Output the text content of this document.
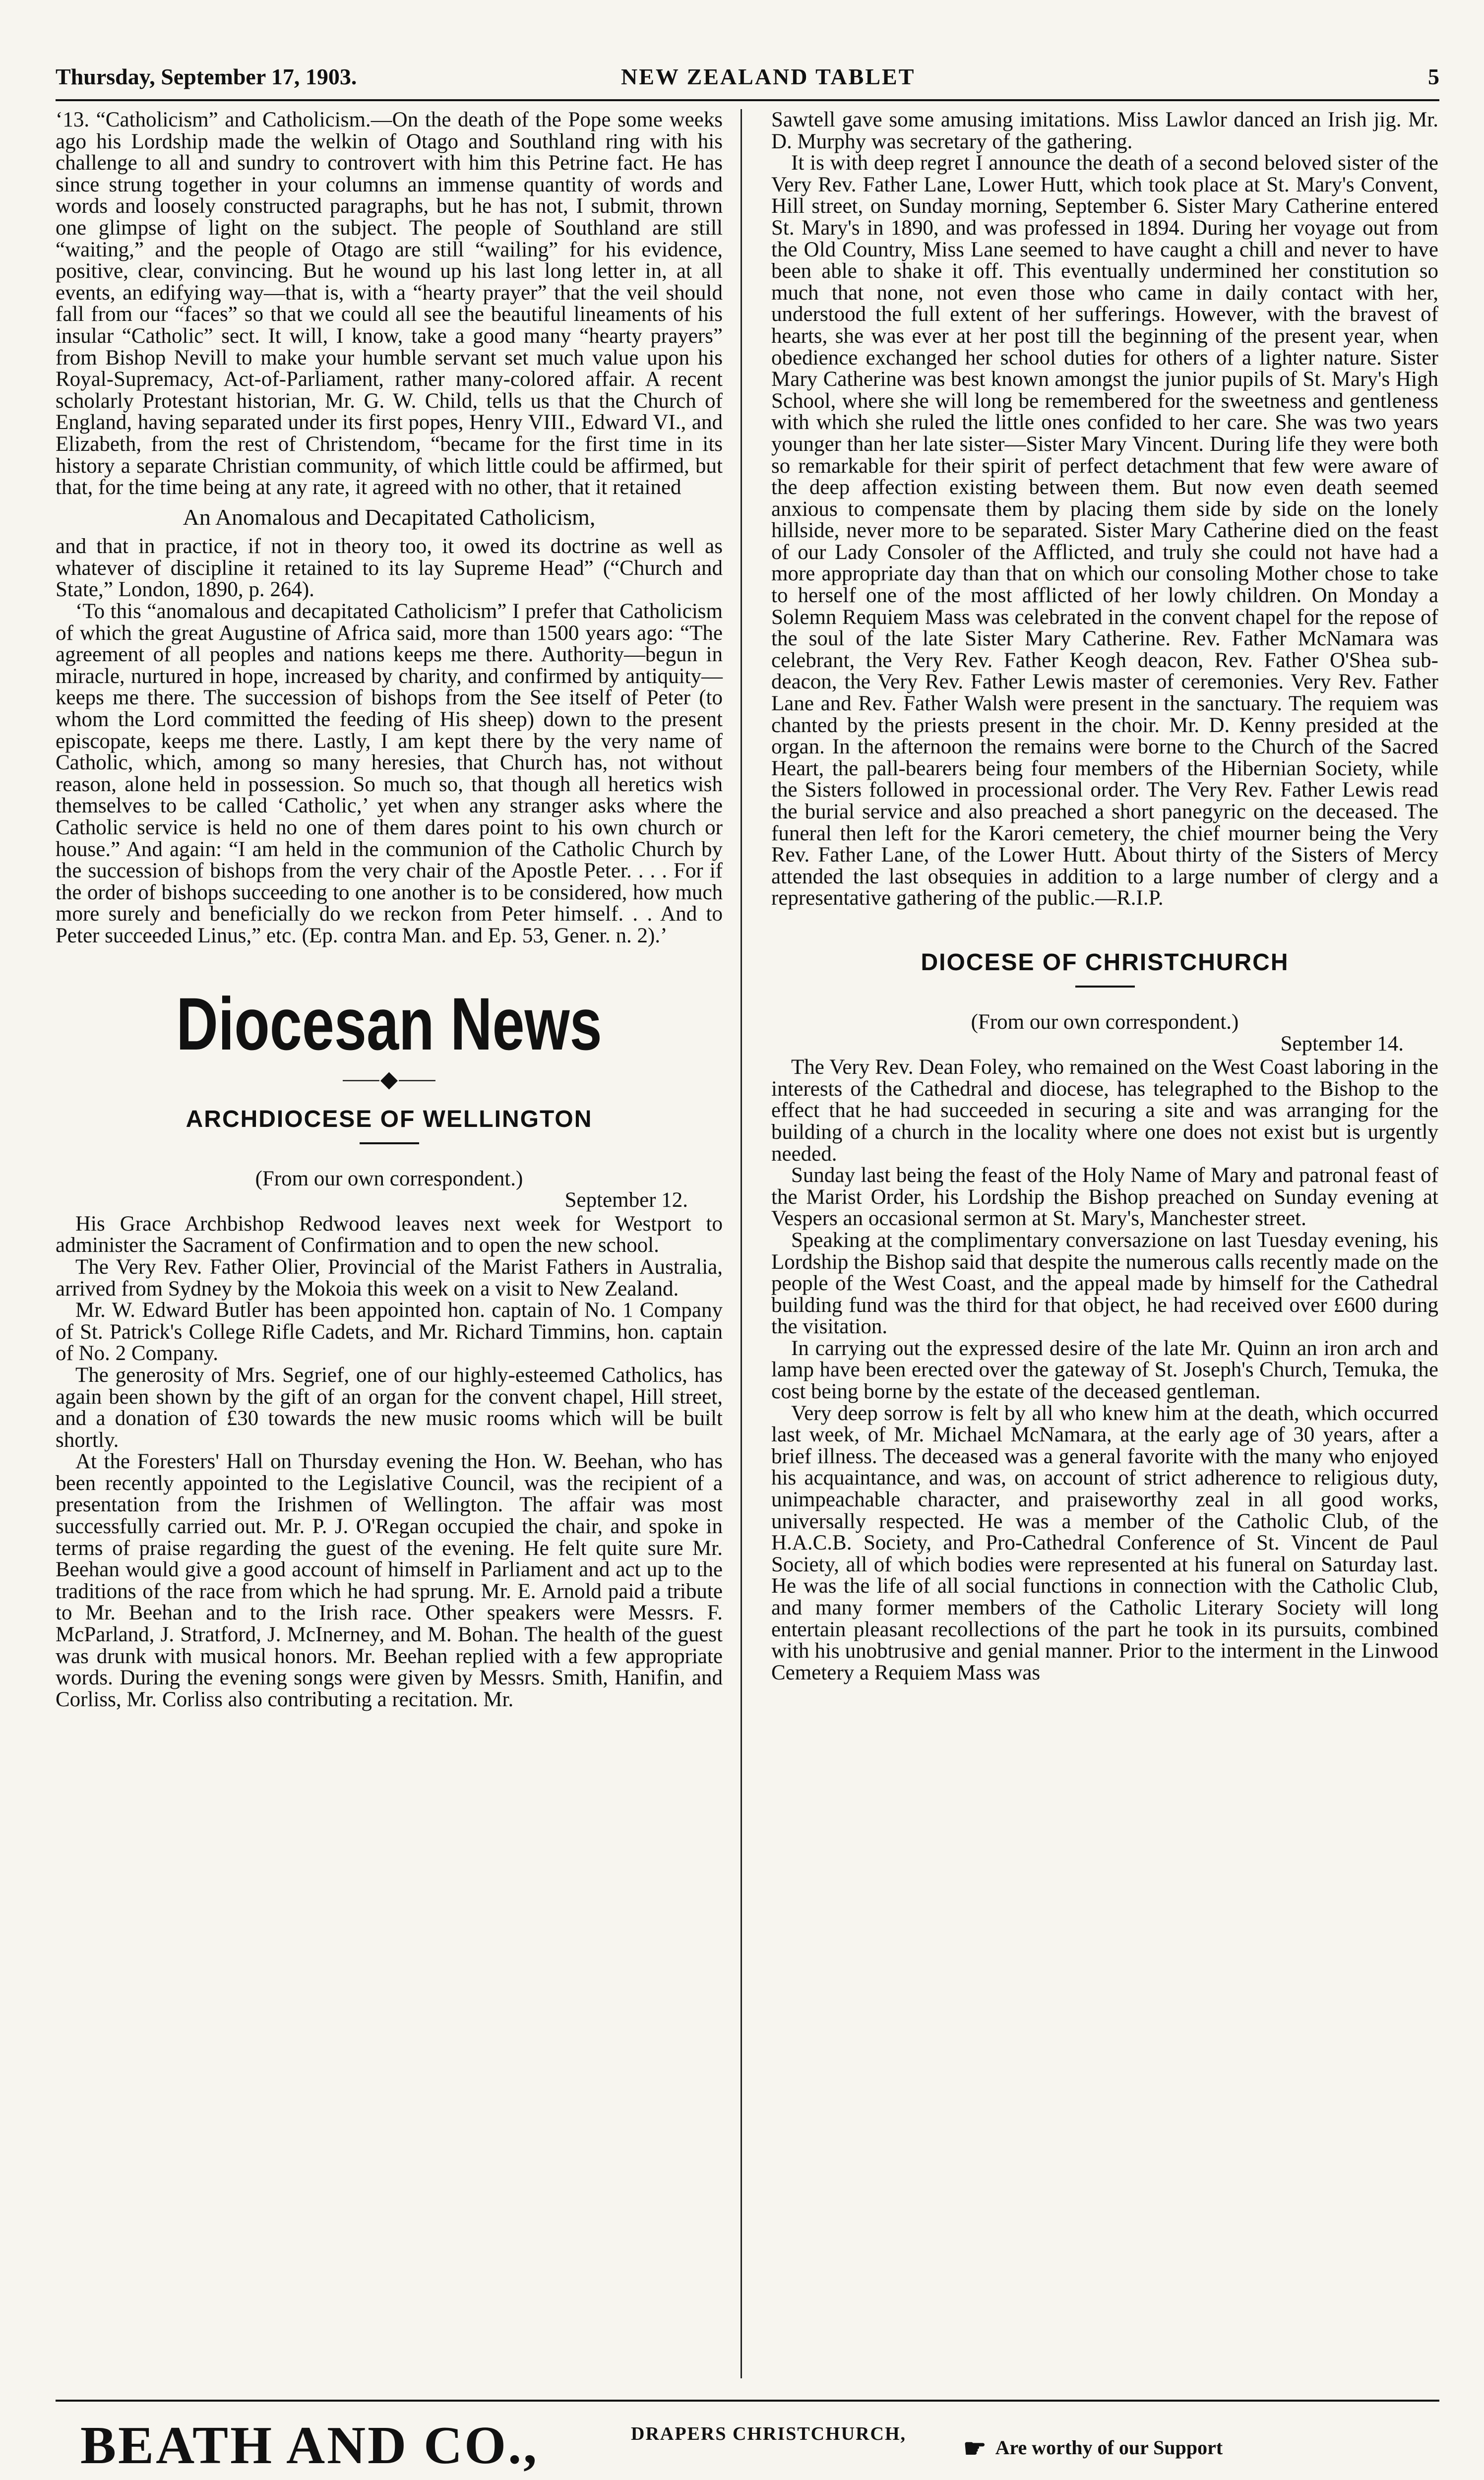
Thursday, September 17, 1903.	NEW ZEALAND TABLET	5

‘13. “Catholicism” and Catholicism.—On the death of the Pope some weeks ago his Lordship made the welkin of Otago and Southland ring with his challenge to all and sundry to controvert with him this Petrine fact. He has since strung together in your columns an immense quantity of words and words and loosely constructed paragraphs, but he has not, I submit, thrown one glimpse of light on the subject. The people of Southland are still “waiting,” and the people of Otago are still “wailing” for his evidence, positive, clear, convincing. But he wound up his last long letter in, at all events, an edifying way—that is, with a “hearty prayer” that the veil should fall from our “faces” so that we could all see the beautiful lineaments of his insular “Catholic” sect. It will, I know, take a good many “hearty prayers” from Bishop Nevill to make your humble servant set much value upon his Royal-Supremacy, Act-of-Parliament, rather many-colored affair. A recent scholarly Protestant historian, Mr. G. W. Child, tells us that the Church of England, having separated under its first popes, Henry VIII., Edward VI., and Elizabeth, from the rest of Christendom, “became for the first time in its history a separate Christian community, of which little could be affirmed, but that, for the time being at any rate, it agreed with no other, that it retained

An Anomalous and Decapitated Catholicism,

and that in practice, if not in theory too, it owed its doctrine as well as whatever of discipline it retained to its lay Supreme Head” (“Church and State,” London, 1890, p. 264).

‘To this “anomalous and decapitated Catholicism” I prefer that Catholicism of which the great Augustine of Africa said, more than 1500 years ago: “The agreement of all peoples and nations keeps me there. Authority—begun in miracle, nurtured in hope, increased by charity, and confirmed by antiquity—keeps me there. The succession of bishops from the See itself of Peter (to whom the Lord committed the feeding of His sheep) down to the present episcopate, keeps me there. Lastly, I am kept there by the very name of Catholic, which, among so many heresies, that Church has, not without reason, alone held in possession. So much so, that though all heretics wish themselves to be called ‘Catholic,’ yet when any stranger asks where the Catholic service is held no one of them dares point to his own church or house.” And again: “I am held in the communion of the Catholic Church by the succession of bishops from the very chair of the Apostle Peter. . . . For if the order of bishops succeeding to one another is to be considered, how much more surely and beneficially do we reckon from Peter himself. . . And to Peter succeeded Linus,” etc. (Ep. contra Man. and Ep. 53, Gener. n. 2).’

Diocesan News
⸺◆⸺
ARCHDIOCESE OF WELLINGTON

(From our own correspondent.)

September 12.

His Grace Archbishop Redwood leaves next week for Westport to administer the Sacrament of Confirmation and to open the new school.

The Very Rev. Father Olier, Provincial of the Marist Fathers in Australia, arrived from Sydney by the Mokoia this week on a visit to New Zealand.

Mr. W. Edward Butler has been appointed hon. captain of No. 1 Company of St. Patrick's College Rifle Cadets, and Mr. Richard Timmins, hon. captain of No. 2 Company.

The generosity of Mrs. Segrief, one of our highly-esteemed Catholics, has again been shown by the gift of an organ for the convent chapel, Hill street, and a donation of £30 towards the new music rooms which will be built shortly.

At the Foresters' Hall on Thursday evening the Hon. W. Beehan, who has been recently appointed to the Legislative Council, was the recipient of a presentation from the Irishmen of Wellington. The affair was most successfully carried out. Mr. P. J. O'Regan occupied the chair, and spoke in terms of praise regarding the guest of the evening. He felt quite sure Mr. Beehan would give a good account of himself in Parliament and act up to the traditions of the race from which he had sprung. Mr. E. Arnold paid a tribute to Mr. Beehan and to the Irish race. Other speakers were Messrs. F. McParland, J. Stratford, J. McInerney, and M. Bohan. The health of the guest was drunk with musical honors. Mr. Beehan replied with a few appropriate words. During the evening songs were given by Messrs. Smith, Hanifin, and Corliss, Mr. Corliss also contributing a recitation. Mr.

Sawtell gave some amusing imitations. Miss Lawlor danced an Irish jig. Mr. D. Murphy was secretary of the gathering.

It is with deep regret I announce the death of a second beloved sister of the Very Rev. Father Lane, Lower Hutt, which took place at St. Mary's Convent, Hill street, on Sunday morning, September 6. Sister Mary Catherine entered St. Mary's in 1890, and was professed in 1894. During her voyage out from the Old Country, Miss Lane seemed to have caught a chill and never to have been able to shake it off. This eventually undermined her constitution so much that none, not even those who came in daily contact with her, understood the full extent of her sufferings. However, with the bravest of hearts, she was ever at her post till the beginning of the present year, when obedience exchanged her school duties for others of a lighter nature. Sister Mary Catherine was best known amongst the junior pupils of St. Mary's High School, where she will long be remembered for the sweetness and gentleness with which she ruled the little ones confided to her care. She was two years younger than her late sister—Sister Mary Vincent. During life they were both so remarkable for their spirit of perfect detachment that few were aware of the deep affection existing between them. But now even death seemed anxious to compensate them by placing them side by side on the lonely hillside, never more to be separated. Sister Mary Catherine died on the feast of our Lady Consoler of the Afflicted, and truly she could not have had a more appropriate day than that on which our consoling Mother chose to take to herself one of the most afflicted of her lowly children. On Monday a Solemn Requiem Mass was celebrated in the convent chapel for the repose of the soul of the late Sister Mary Catherine. Rev. Father McNamara was celebrant, the Very Rev. Father Keogh deacon, Rev. Father O'Shea sub-deacon, the Very Rev. Father Lewis master of ceremonies. Very Rev. Father Lane and Rev. Father Walsh were present in the sanctuary. The requiem was chanted by the priests present in the choir. Mr. D. Kenny presided at the organ. In the afternoon the remains were borne to the Church of the Sacred Heart, the pall-bearers being four members of the Hibernian Society, while the Sisters followed in processional order. The Very Rev. Father Lewis read the burial service and also preached a short panegyric on the deceased. The funeral then left for the Karori cemetery, the chief mourner being the Very Rev. Father Lane, of the Lower Hutt. About thirty of the Sisters of Mercy attended the last obsequies in addition to a large number of clergy and a representative gathering of the public.—R.I.P.

DIOCESE OF CHRISTCHURCH

(From our own correspondent.)

September 14.

The Very Rev. Dean Foley, who remained on the West Coast laboring in the interests of the Cathedral and diocese, has telegraphed to the Bishop to the effect that he had succeeded in securing a site and was arranging for the building of a church in the locality where one does not exist but is urgently needed.

Sunday last being the feast of the Holy Name of Mary and patronal feast of the Marist Order, his Lordship the Bishop preached on Sunday evening at Vespers an occasional sermon at St. Mary's, Manchester street.

Speaking at the complimentary conversazione on last Tuesday evening, his Lordship the Bishop said that despite the numerous calls recently made on the people of the West Coast, and the appeal made by himself for the Cathedral building fund was the third for that object, he had received over £600 during the visitation.

In carrying out the expressed desire of the late Mr. Quinn an iron arch and lamp have been erected over the gateway of St. Joseph's Church, Temuka, the cost being borne by the estate of the deceased gentleman.

Very deep sorrow is felt by all who knew him at the death, which occurred last week, of Mr. Michael McNamara, at the early age of 30 years, after a brief illness. The deceased was a general favorite with the many who enjoyed his acquaintance, and was, on account of strict adherence to religious duty, unimpeachable character, and praiseworthy zeal in all good works, universally respected. He was a member of the Catholic Club, of the H.A.C.B. Society, and Pro-Cathedral Conference of St. Vincent de Paul Society, all of which bodies were represented at his funeral on Saturday last. He was the life of all social functions in connection with the Catholic Club, and many former members of the Catholic Literary Society will long entertain pleasant recollections of the part he took in its pursuits, combined with his unobtrusive and genial manner. Prior to the interment in the Linwood Cemetery a Requiem Mass was

BEATH AND CO.,	DRAPERS CHRISTCHURCH,
☛ Are worthy of our Support
